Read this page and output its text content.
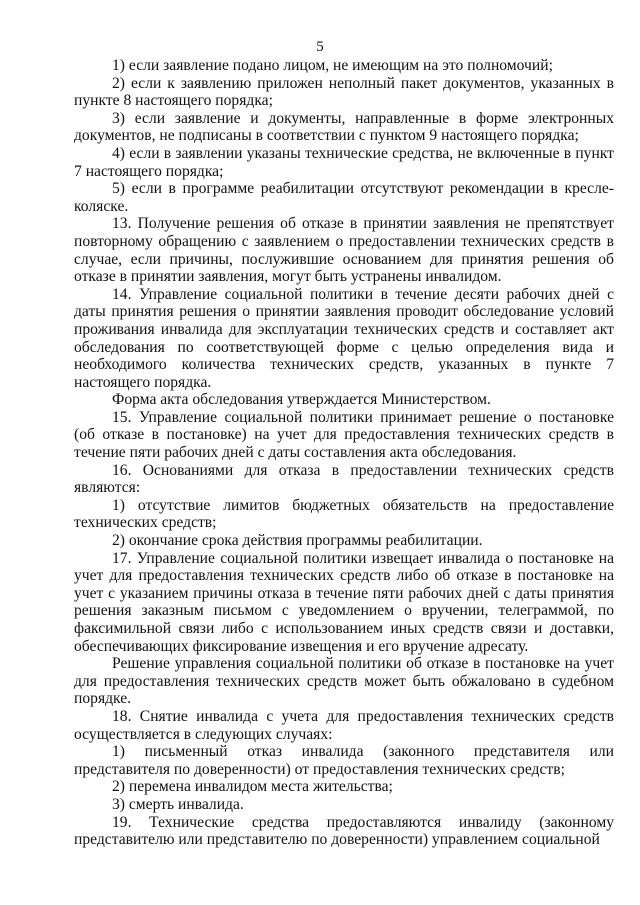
5

1) если заявление подано лицом, не имеющим на это полномочий;

2) если к заявлению приложен неполный пакет документов, указанных в пункте 8 настоящего порядка;

3) если заявление и документы, направленные в форме электронных документов, не подписаны в соответствии с пунктом 9 настоящего порядка;

4) если в заявлении указаны технические средства, не включенные в пункт 7 настоящего порядка;

5) если в программе реабилитации отсутствуют рекомендации в кресле-коляске.

13. Получение решения об отказе в принятии заявления не препятствует повторному обращению с заявлением о предоставлении технических средств в случае, если причины, послужившие основанием для принятия решения об отказе в принятии заявления, могут быть устранены инвалидом.

14. Управление социальной политики в течение десяти рабочих дней с даты принятия решения о принятии заявления проводит обследование условий проживания инвалида для эксплуатации технических средств и составляет акт обследования по соответствующей форме с целью определения вида и необходимого количества технических средств, указанных в пункте 7 настоящего порядка.

Форма акта обследования утверждается Министерством.

15. Управление социальной политики принимает решение о постановке (об отказе в постановке) на учет для предоставления технических средств в течение пяти рабочих дней с даты составления акта обследования.

16. Основаниями для отказа в предоставлении технических средств являются:

1) отсутствие лимитов бюджетных обязательств на предоставление технических средств;

2) окончание срока действия программы реабилитации.

17. Управление социальной политики извещает инвалида о постановке на учет для предоставления технических средств либо об отказе в постановке на учет с указанием причины отказа в течение пяти рабочих дней с даты принятия решения заказным письмом с уведомлением о вручении, телеграммой, по факсимильной связи либо с использованием иных средств связи и доставки, обеспечивающих фиксирование извещения и его вручение адресату.

Решение управления социальной политики об отказе в постановке на учет для предоставления технических средств может быть обжаловано в судебном порядке.

18. Снятие инвалида с учета для предоставления технических средств осуществляется в следующих случаях:

1) письменный отказ инвалида (законного представителя или представителя по доверенности) от предоставления технических средств;

2) перемена инвалидом места жительства;

3) смерть инвалида.

19. Технические средства предоставляются инвалиду (законному представителю или представителю по доверенности) управлением социальной
